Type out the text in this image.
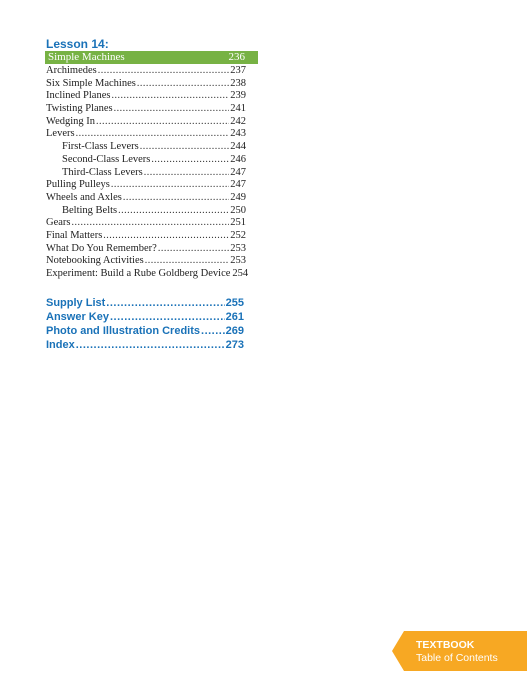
Lesson 14:
Simple Machines	236
Archimedes .....	237
Six Simple Machines .....	238
Inclined Planes .....	239
Twisting Planes .....	241
Wedging In .....	242
Levers .....	243
First-Class Levers .....	244
Second-Class Levers .....	246
Third-Class Levers .....	247
Pulling Pulleys .....	247
Wheels and Axles .....	249
Belting Belts .....	250
Gears .....	251
Final Matters .....	252
What Do You Remember? .....	253
Notebooking Activities .....	253
Experiment: Build a Rube Goldberg Device 254
Supply List .....	255
Answer Key .....	261
Photo and Illustration Credits ..... 269
Index .....	273
TEXTBOOK
Table of Contents
